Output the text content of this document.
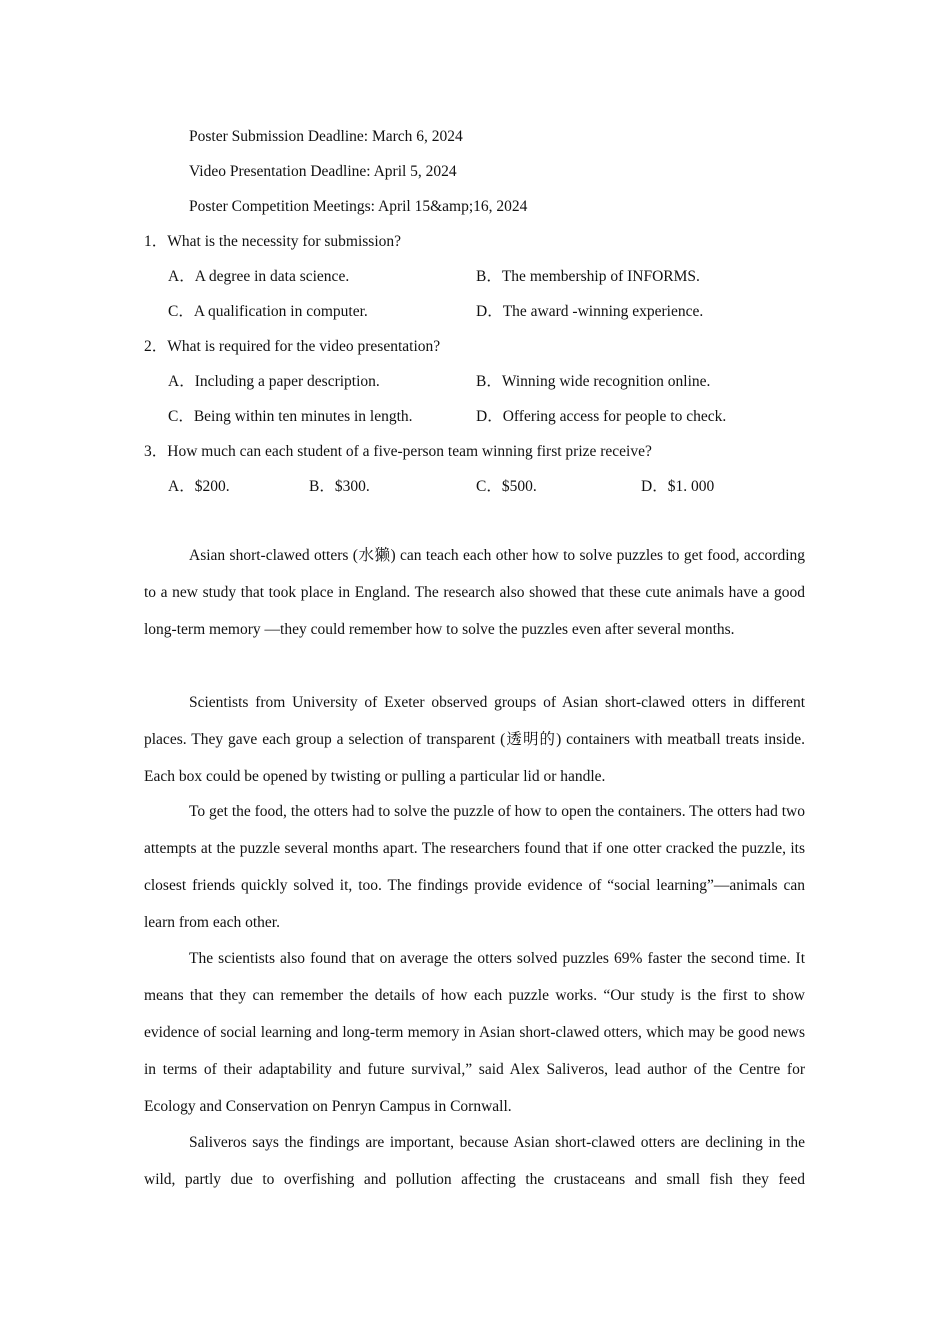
Poster Submission Deadline: March 6, 2024
Video Presentation Deadline: April 5, 2024
Poster Competition Meetings: April 15&amp;16, 2024
1．What is the necessity for submission?
A．A degree in data science.	B．The membership of INFORMS.
C．A qualification in computer.	D．The award -winning experience.
2．What is required for the video presentation?
A．Including a paper description.	B．Winning wide recognition online.
C．Being within ten minutes in length.	D．Offering access for people to check.
3．How much can each student of a five-person team winning first prize receive?
A．$200.	B．$300.	C．$500.	D．$1. 000

Asian short-clawed otters (水獭) can teach each other how to solve puzzles to get food, according to a new study that took place in England. The research also showed that these cute animals have a good long-term memory —they could remember how to solve the puzzles even after several months.

Scientists from University of Exeter observed groups of Asian short-clawed otters in different places. They gave each group a selection of transparent (透明的) containers with meatball treats inside. Each box could be opened by twisting or pulling a particular lid or handle.

To get the food, the otters had to solve the puzzle of how to open the containers. The otters had two attempts at the puzzle several months apart. The researchers found that if one otter cracked the puzzle, its closest friends quickly solved it, too. The findings provide evidence of “social learning”—animals can learn from each other.

The scientists also found that on average the otters solved puzzles 69% faster the second time. It means that they can remember the details of how each puzzle works. “Our study is the first to show evidence of social learning and long-term memory in Asian short-clawed otters, which may be good news in terms of their adaptability and future survival,” said Alex Saliveros, lead author of the Centre for Ecology and Conservation on Penryn Campus in Cornwall.

Saliveros says the findings are important, because Asian short-clawed otters are declining in the wild, partly due to overfishing and pollution affecting the crustaceans and small fish they feed
